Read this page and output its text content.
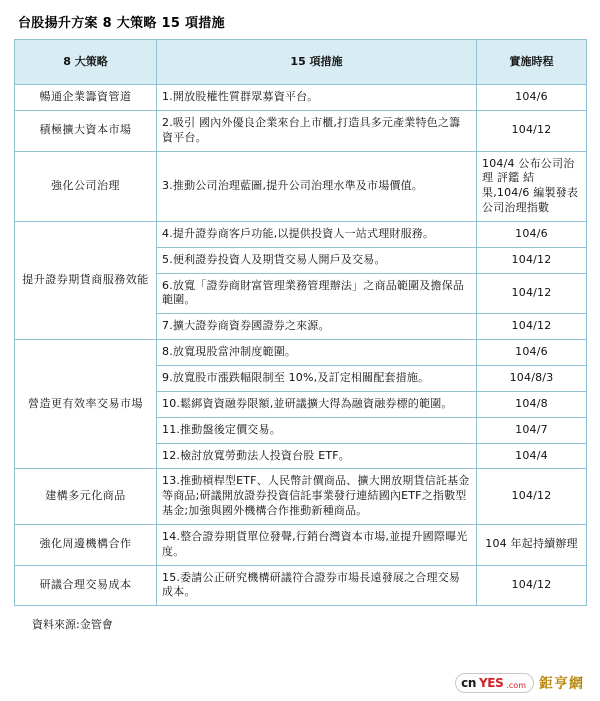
台股揚升方案 8 大策略 15 項措施
8 大策略	15 項措施	實施時程
暢通企業籌資管道	1.開放股權性質群眾募資平台。	104/6
積極擴大資本市場	2.吸引 國內外優良企業來台上市櫃,打造具多元產業特色之籌資平台。	104/12
強化公司治理	3.推動公司治理藍圖,提升公司治理水準及市場價值。	104/4 公布公司治理 評鑑 結果,104/6 編製發表公司治理指數
提升證券期貨商服務效能	4.提升證券商客戶功能,以提供投資人一站式理財服務。	104/6
	5.便利證券投資人及期貨交易人開戶及交易。	104/12
	6.放寬「證券商財富管理業務管理辦法」之商品範圍及擔保品範圍。	104/12
	7.擴大證券商資券國證券之來源。	104/12
營造更有效率交易市場	8.放寬現股當沖制度範圍。	104/6
	9.放寬股市漲跌幅限制至 10%,及訂定相關配套措施。	104/8/3
	10.鬆綁資資融券限額,並研議擴大得為融資融券標的範圍。	104/8
	11.推動盤後定價交易。	104/7
	12.檢討放寬勞動法人投資台股 ETF。	104/4
建構多元化商品	13.推動槓桿型ETF、人民幣計價商品、擴大開放期貨信託基金等商品;研議開放證券投資信託事業發行連結國內ETF之指數型基金;加強與國外機構合作推動新種商品。	104/12
強化周邊機構合作	14.整合證券期貨單位發聲,行銷台灣資本市場,並提升國際曝光度。	104 年起持續辦理
研議合理交易成本	15.委請公正研究機構研議符合證券市場長遠發展之合理交易成本。	104/12
資料來源:金管會
cn YES .com 鉅亨網
